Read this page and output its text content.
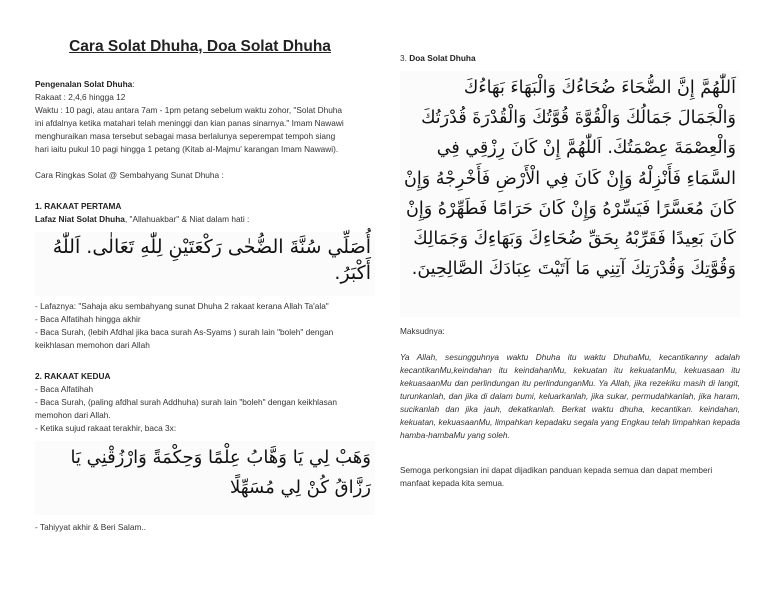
Cara Solat Dhuha, Doa Solat Dhuha
Pengenalan Solat Dhuha:
Rakaat : 2,4,6 hingga 12
Waktu : 10 pagi, atau antara 7am - 1pm petang sebelum waktu zohor, "Solat Dhuha
ini afdalnya ketika matahari telah meninggi dan kian panas sinarnya." Imam Nawawi
menghuraikan masa tersebut sebagai masa berlalunya seperempat tempoh siang
hari iaitu pukul 10 pagi hingga 1 petang (Kitab al-Majmu' karangan Imam Nawawi).
Cara Ringkas Solat @ Sembahyang Sunat Dhuha :
1. RAKAAT PERTAMA
Lafaz Niat Solat Dhuha, "Allahuakbar" & Niat dalam hati :
أُصَلِّي سُنَّةَ الضُّحٰى رَكْعَتَيْنِ لِلّٰهِ تَعَالٰى. اَللّٰهُ أَكْبَرُ.
- Lafaznya: "Sahaja aku sembahyang sunat Dhuha 2 rakaat kerana Allah Ta'ala"
- Baca Alfatihah hingga akhir
- Baca Surah, (lebih Afdhal jika baca surah As-Syams ) surah lain "boleh" dengan
keikhlasan memohon dari Allah
2. RAKAAT KEDUA
- Baca Alfatihah
- Baca Surah, (paling afdhal surah Addhuha) surah lain "boleh" dengan keikhlasan
memohon dari Allah.
- Ketika sujud rakaat terakhir, baca 3x:
وَهَبْ لِي يَا وَهَّابُ عِلْمًا وَحِكْمَةً وَارْزُقْنِي يَا رَزَّاقُ كُنْ لِي مُسَهِّلًا
- Tahiyyat akhir & Beri Salam..
3. Doa Solat Dhuha
اَللّٰهُمَّ إِنَّ الضُّحَاءَ ضُحَاءُكَ وَالْبَهَاءَ بَهَاءُكَ وَالْجَمَالَ جَمَالُكَ وَالْقُوَّةَ قُوَّتُكَ وَالْقُدْرَةَ قُدْرَتُكَ وَالْعِصْمَةَ عِصْمَتُكَ. اَللّٰهُمَّ إِنْ كَانَ رِزْقِي فِي السَّمَاءِ فَأَنْزِلْهُ وَإِنْ كَانَ فِي الْأَرْضِ فَأَخْرِجْهُ وَإِنْ كَانَ مُعَسَّرًا فَيَسِّرْهُ وَإِنْ كَانَ حَرَامًا فَطَهِّرْهُ وَإِنْ كَانَ بَعِيدًا فَقَرِّبْهُ بِحَقِّ ضُحَاءِكَ وَبَهَاءِكَ وَجَمَالِكَ وَقُوَّتِكَ وَقُدْرَتِكَ آتِنِي مَا آتَيْتَ عِبَادَكَ الصَّالِحِينَ.
Maksudnya:
Ya Allah, sesungguhnya waktu Dhuha itu waktu DhuhaMu, kecantikanny adalah kecantikanMu,keindahan itu keindahanMu, kekuatan itu kekuatanMu, kekuasaan itu kekuasaanMu dan perlindungan itu perlindunganMu. Ya Allah, jika rezekiku masih di langit, turunkanlah, dan jika di dalam bumi, keluarkanlah, jika sukar, permudahkanlah, jika haram, sucikanlah dan jika jauh, dekatkanlah. Berkat waktu dhuha, kecantikan. keindahan, kekuatan, kekuasaanMu, limpahkan kepadaku segala yang Engkau telah limpahkan kepada hamba-hambaMu yang soleh.
Semoga perkongsian ini dapat dijadikan panduan kepada semua dan dapat memberi manfaat kepada kita semua.
